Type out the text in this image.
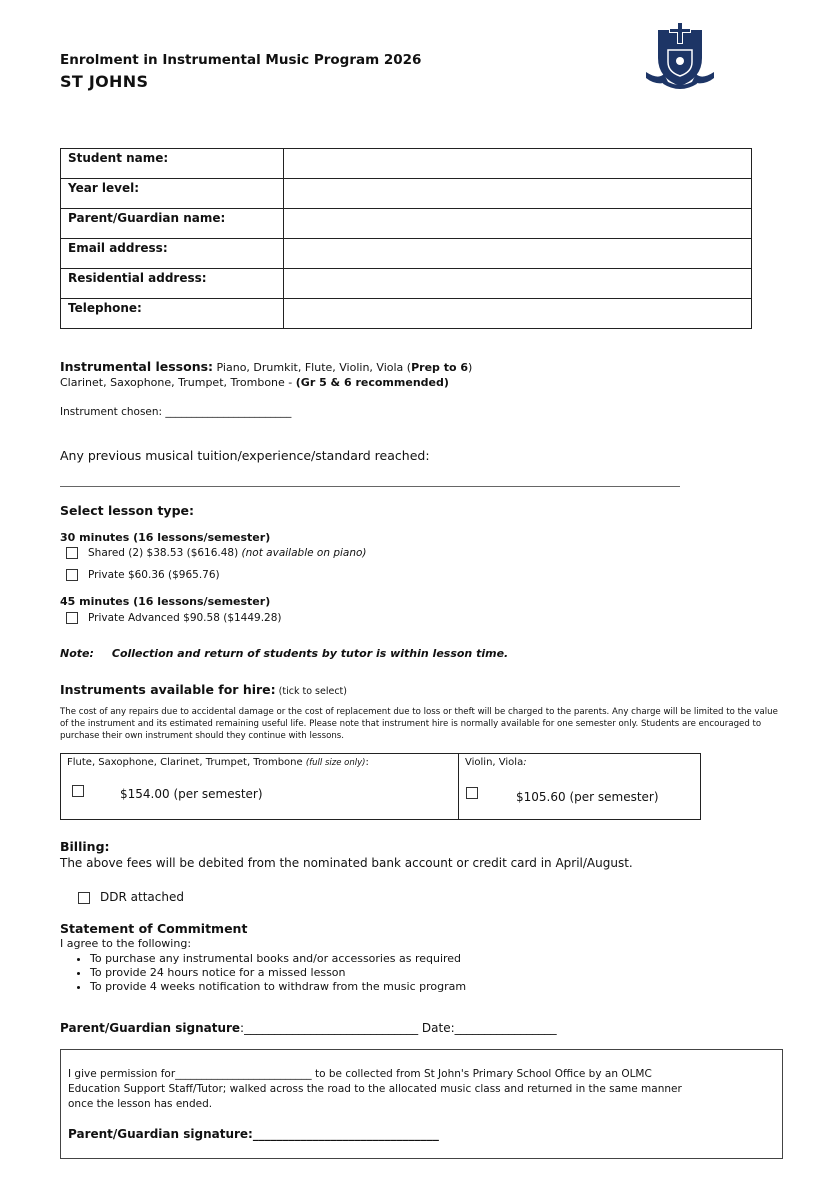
Enrolment in Instrumental Music Program 2026
ST JOHNS
Student name:	
Year level:	
Parent/Guardian name:	
Email address:	
Residential address:	
Telephone:	
Instrumental lessons: Piano, Drumkit, Flute, Violin, Viola (Prep to 6)
Clarinet, Saxophone, Trumpet, Trombone - (Gr 5 & 6 recommended)
Instrument chosen: ________________________
Any previous musical tuition/experience/standard reached:
Select lesson type:
30 minutes (16 lessons/semester)
Shared (2) $38.53 ($616.48) (not available on piano)
Private $60.36 ($965.76)
45 minutes (16 lessons/semester)
Private Advanced $90.58 ($1449.28)
Note: Collection and return of students by tutor is within lesson time.
Instruments available for hire: (tick to select)
The cost of any repairs due to accidental damage or the cost of replacement due to loss or theft will be charged to the parents. Any charge will be limited to the value of the instrument and its estimated remaining useful life. Please note that instrument hire is normally available for one semester only. Students are encouraged to purchase their own instrument should they continue with lessons.
Flute, Saxophone, Clarinet, Trumpet, Trombone (full size only):
$154.00 (per semester)
Violin, Viola:
$105.60 (per semester)
Billing:
The above fees will be debited from the nominated bank account or credit card in April/August.
DDR attached
Statement of Commitment
I agree to the following:
• To purchase any instrumental books and/or accessories as required
• To provide 24 hours notice for a missed lesson
• To provide 4 weeks notification to withdraw from the music program
Parent/Guardian signature:_____________________________ Date:_________________
I give permission for__________________________ to be collected from St John's Primary School Office by an OLMC
Education Support Staff/Tutor; walked across the road to the allocated music class and returned in the same manner
once the lesson has ended.
Parent/Guardian signature:_______________________________
